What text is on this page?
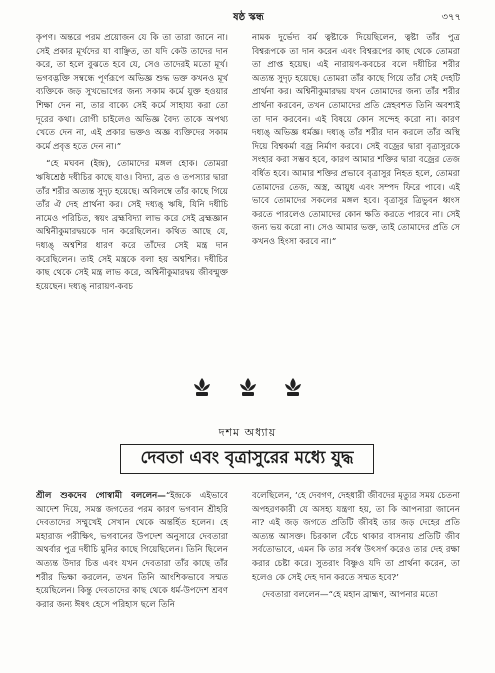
ষষ্ঠ স্কন্ধ	৩৭৭

কৃপণ। অন্তরে পরম প্রয়োজন যে কি তা তারা জানে না। সেই প্রকার মূর্খদের যা বাঞ্ছিত, তা যদি কেউ তাদের দান করে, তা হলে বুঝতে হবে যে, সেও তাদেরই মতো মূর্খ। ভগবদ্ভক্তি সম্বন্ধে পূর্ণরূপে অভিজ্ঞ শুদ্ধ ভক্ত কখনও মূর্খ ব্যক্তিকে জড় সুখভোগের জন্য সকাম কর্মে যুক্ত হওয়ার শিক্ষা দেন না, তার বাক্যে সেই কর্মে সাহায্য করা তো দূরের কথা। রোগী চাইলেও অভিজ্ঞ বৈদ্য তাকে অপথ্য খেতে দেন না, এই প্রকার ভক্তও অজ্ঞ ব্যক্তিদের সকাম কর্মে প্রবৃত্ত হতে দেন না।”

“হে মঘবন (ইন্দ্র), তোমাদের মঙ্গল হোক। তোমরা ঋষিশ্রেষ্ঠ দধীচির কাছে যাও। বিদ্যা, ব্রত ও তপস্যার দ্বারা তাঁর শরীর অত্যন্ত সুদৃঢ় হয়েছে। অবিলম্বে তাঁর কাছে গিয়ে তাঁর ঐ দেহ প্রার্থনা কর। সেই দধ্যঙ্ ঋষি, যিনি দধীচি নামেও পরিচিত, স্বয়ং ব্রহ্মবিদ্যা লাভ করে সেই ব্রহ্মজ্ঞান অশ্বিনীকুমারদ্বয়কে দান করেছিলেন। কথিত আছে যে, দধ্যঙ্ অশ্বশির ধারণ করে তাঁদের সেই মন্ত্র দান করেছিলেন। তাই সেই মন্ত্রকে বলা হয় অশ্বশির। দধীচির কাছ থেকে সেই মন্ত্র লাভ করে, অশ্বিনীকুমারদ্বয় জীবন্মুক্ত হয়েছেন। দধ্যঙ্ নারায়ণ-কবচ

নামক দুর্ভেদ্য বর্ম ত্বষ্টাকে দিয়েছিলেন, ত্বষ্টা তাঁর পুত্র বিশ্বরূপকে তা দান করেন এবং বিশ্বরূপের কাছ থেকে তোমরা তা প্রাপ্ত হয়েছ। এই নারায়ণ-কবচের বলে দধীচির শরীর অত্যন্ত সুদৃঢ় হয়েছে। তোমরা তাঁর কাছে গিয়ে তাঁর সেই দেহটি প্রার্থনা কর। অশ্বিনীকুমারদ্বয় যখন তোমাদের জন্য তাঁর শরীর প্রার্থনা করবেন, তখন তোমাদের প্রতি স্নেহবশত তিনি অবশ্যই তা দান করবেন। এই বিষয়ে কোন সন্দেহ করো না। কারণ দধ্যঙ্ অভিজ্ঞ ধর্মজ্ঞ। দধ্যঙ্ তাঁর শরীর দান করলে তাঁর অস্থি দিয়ে বিশ্বকর্মা বজ্র নির্মাণ করবে। সেই বজ্রের দ্বারা বৃত্রাসুরকে সংহার করা সম্ভব হবে, কারণ আমার শক্তির দ্বারা বজ্রের তেজ বর্ধিত হবে। আমার শক্তির প্রভাবে বৃত্রাসুর নিহত হলে, তোমরা তোমাদের তেজ, অস্ত্র, আয়ুধ এবং সম্পদ ফিরে পাবে। এই ভাবে তোমাদের সকলের মঙ্গল হবে। বৃত্রাসুর ত্রিভুবন ধ্বংস করতে পারলেও তোমাদের কোন ক্ষতি করতে পারবে না। সেই জন্য ভয় করো না। সেও আমার ভক্ত, তাই তোমাদের প্রতি সে কখনও হিংসা করবে না।”

দশম অধ্যায়
দেবতা এবং বৃত্রাসুরের মধ্যে যুদ্ধ

শ্রীল শুকদেব গোস্বামী বললেন—“ইন্দ্রকে এইভাবে আদেশ দিয়ে, সমস্ত জগতের পরম কারণ ভগবান শ্রীহরি দেবতাদের সম্মুখেই সেখান থেকে অন্তর্হিত হলেন। হে মহারাজ পরীক্ষিৎ, ভগবানের উপদেশ অনুসারে দেবতারা অথর্বার পুত্র দধীচি মুনির কাছে গিয়েছিলেন। তিনি ছিলেন অত্যন্ত উদার চিত্ত এবং যখন দেবতারা তাঁর কাছে তাঁর শরীর ভিক্ষা করলেন, তখন তিনি আংশিকভাবে সম্মত হয়েছিলেন। কিন্তু দেবতাদের কাছ থেকে ধর্ম-উপদেশ শ্রবণ করার জন্য ঈষৎ হেসে পরিহাস ছলে তিনি

বলেছিলেন, ‘হে দেবগণ, দেহধারী জীবদের মৃত্যুর সময় চেতনা অপহরণকারী যে অসহ্য যন্ত্রণা হয়, তা কি আপনারা জানেন না? এই জড় জগতে প্রতিটি জীবই তার জড় দেহের প্রতি অত্যন্ত আসক্ত। চিরকাল বেঁচে থাকার বাসনায় প্রতিটি জীব সর্বতোভাবে, এমন কি তার সর্বস্ব উৎসর্গ করেও তার দেহ রক্ষা করার চেষ্টা করে। সুতরাং বিষ্ণুও যদি তা প্রার্থনা করেন, তা হলেও কে সেই দেহ দান করতে সম্মত হবে?’

দেবতারা বললেন—“হে মহান ব্রাহ্মণ, আপনার মতো
